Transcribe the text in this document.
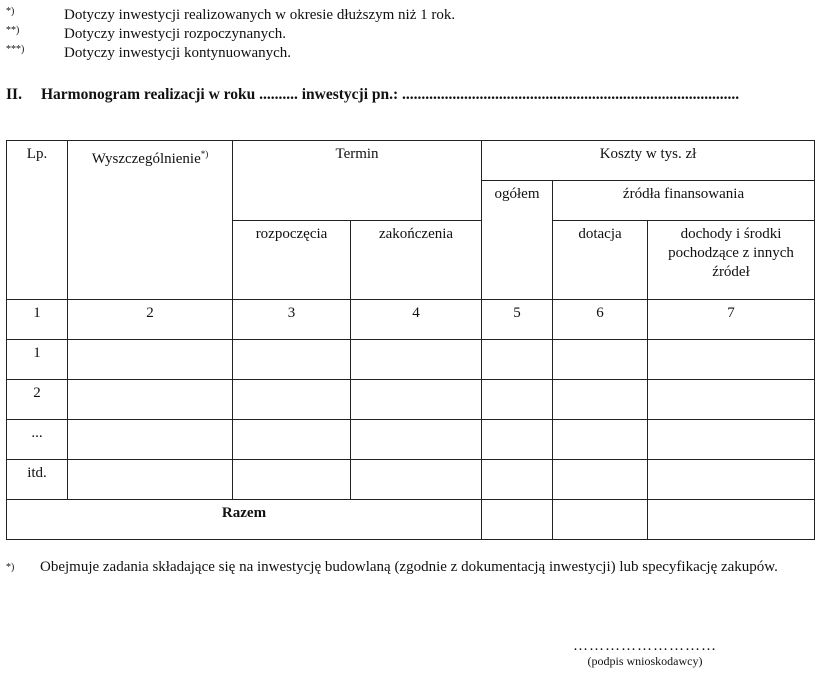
*)	Dotyczy inwestycji realizowanych w okresie dłuższym niż 1 rok.
**)	Dotyczy inwestycji rozpoczynanych.
***)	Dotyczy inwestycji kontynuowanych.
II. Harmonogram realizacji w roku .......... inwestycji pn.: .......................................................................................
Lp.	Wyszczególnienie*)	Termin		Koszty w tys. zł		

				ogółem	źródła finansowania	

		rozpoczęcia	zakończenia		dotacja	dochody i środki pochodzące z innych źródeł

1	2	3	4	5	6	7

1						

2						

...						

itd.						

Razem						

*) Obejmuje zadania składające się na inwestycję budowlaną (zgodnie z dokumentacją inwestycji) lub specyfikację zakupów.
………………………
(podpis wnioskodawcy)
